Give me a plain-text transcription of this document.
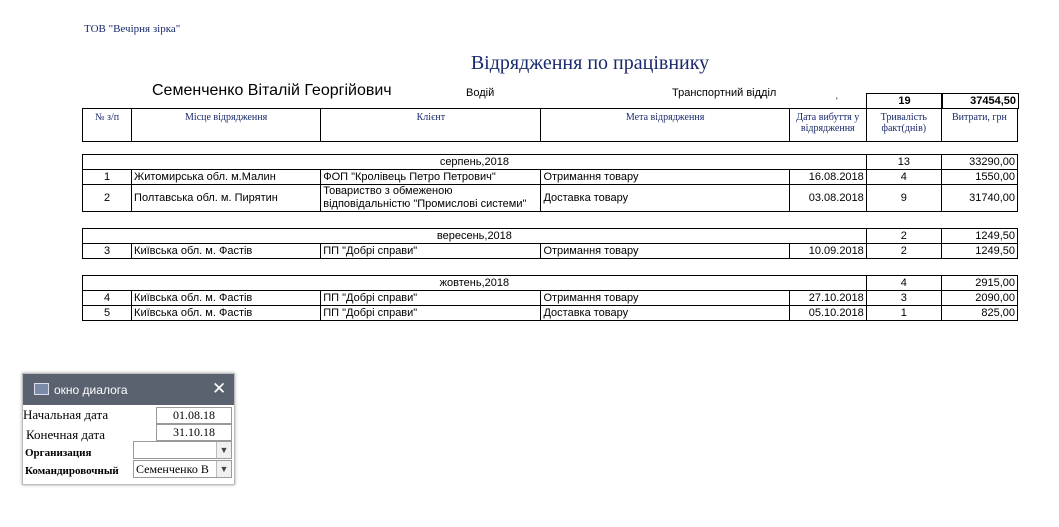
ТОВ "Вечірня зірка"
Відрядження по працівнику
Семенченко Віталій Георгійович	Водій	Транспортний відділ
'	19	37454,50
№ з/п	Місце відрядження	Клієнт	Мета відрядження	Дата вибуття у відрядження	Тривалість факт(днів)	Витрати, грн
серпень,2018					13	33290,00
1	Житомирська обл. м.Малин	ФОП "Кролівець Петро Петрович"	Отримання товару	16.08.2018	4	1550,00
2	Полтавська обл. м. Пирятин	Товариство з обмеженою відповідальністю "Промислові системи"	Доставка товару	03.08.2018	9	31740,00
вересень,2018					2	1249,50
3	Київська обл. м. Фастів	ПП "Добрі справи"	Отримання товару	10.09.2018	2	1249,50
жовтень,2018					4	2915,00
4	Київська обл. м. Фастів	ПП "Добрі справи"	Отримання товару	27.10.2018	3	2090,00
5	Київська обл. м. Фастів	ПП "Добрі справи"	Доставка товару	05.10.2018	1	825,00
окно диалога	✕
Начальная дата	01.08.18
Конечная дата	31.10.18
Организация	▼
Командировочный Семенченко В	▼
